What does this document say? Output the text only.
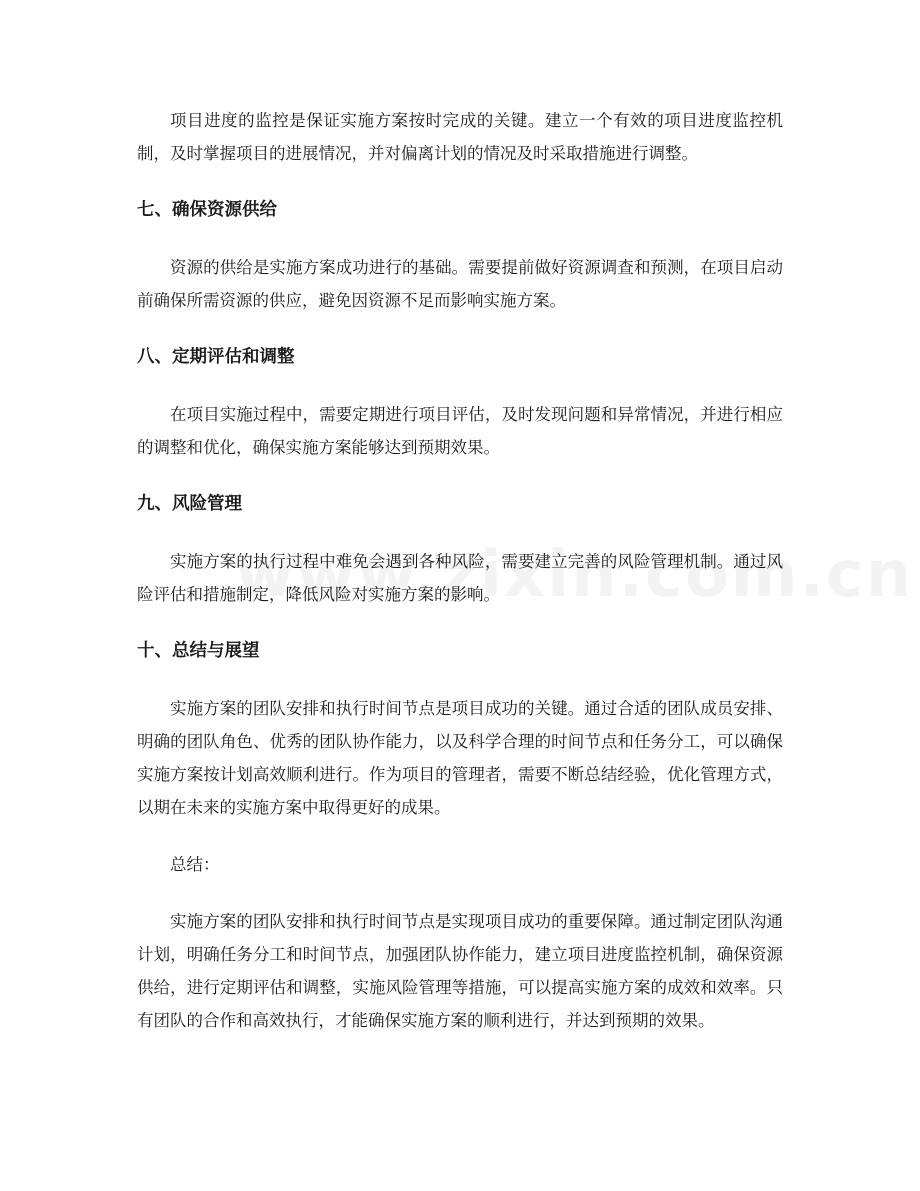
项目进度的监控是保证实施方案按时完成的关键。建立一个有效的项目进度监控机制，及时掌握项目的进展情况，并对偏离计划的情况及时采取措施进行调整。

七、确保资源供给

资源的供给是实施方案成功进行的基础。需要提前做好资源调查和预测，在项目启动前确保所需资源的供应，避免因资源不足而影响实施方案。

八、定期评估和调整

在项目实施过程中，需要定期进行项目评估，及时发现问题和异常情况，并进行相应的调整和优化，确保实施方案能够达到预期效果。

九、风险管理

实施方案的执行过程中难免会遇到各种风险，需要建立完善的风险管理机制。通过风险评估和措施制定，降低风险对实施方案的影响。

十、总结与展望

实施方案的团队安排和执行时间节点是项目成功的关键。通过合适的团队成员安排、明确的团队角色、优秀的团队协作能力，以及科学合理的时间节点和任务分工，可以确保实施方案按计划高效顺利进行。作为项目的管理者，需要不断总结经验，优化管理方式，以期在未来的实施方案中取得更好的成果。

总结：

实施方案的团队安排和执行时间节点是实现项目成功的重要保障。通过制定团队沟通计划，明确任务分工和时间节点，加强团队协作能力，建立项目进度监控机制，确保资源供给，进行定期评估和调整，实施风险管理等措施，可以提高实施方案的成效和效率。只有团队的合作和高效执行，才能确保实施方案的顺利进行，并达到预期的效果。
